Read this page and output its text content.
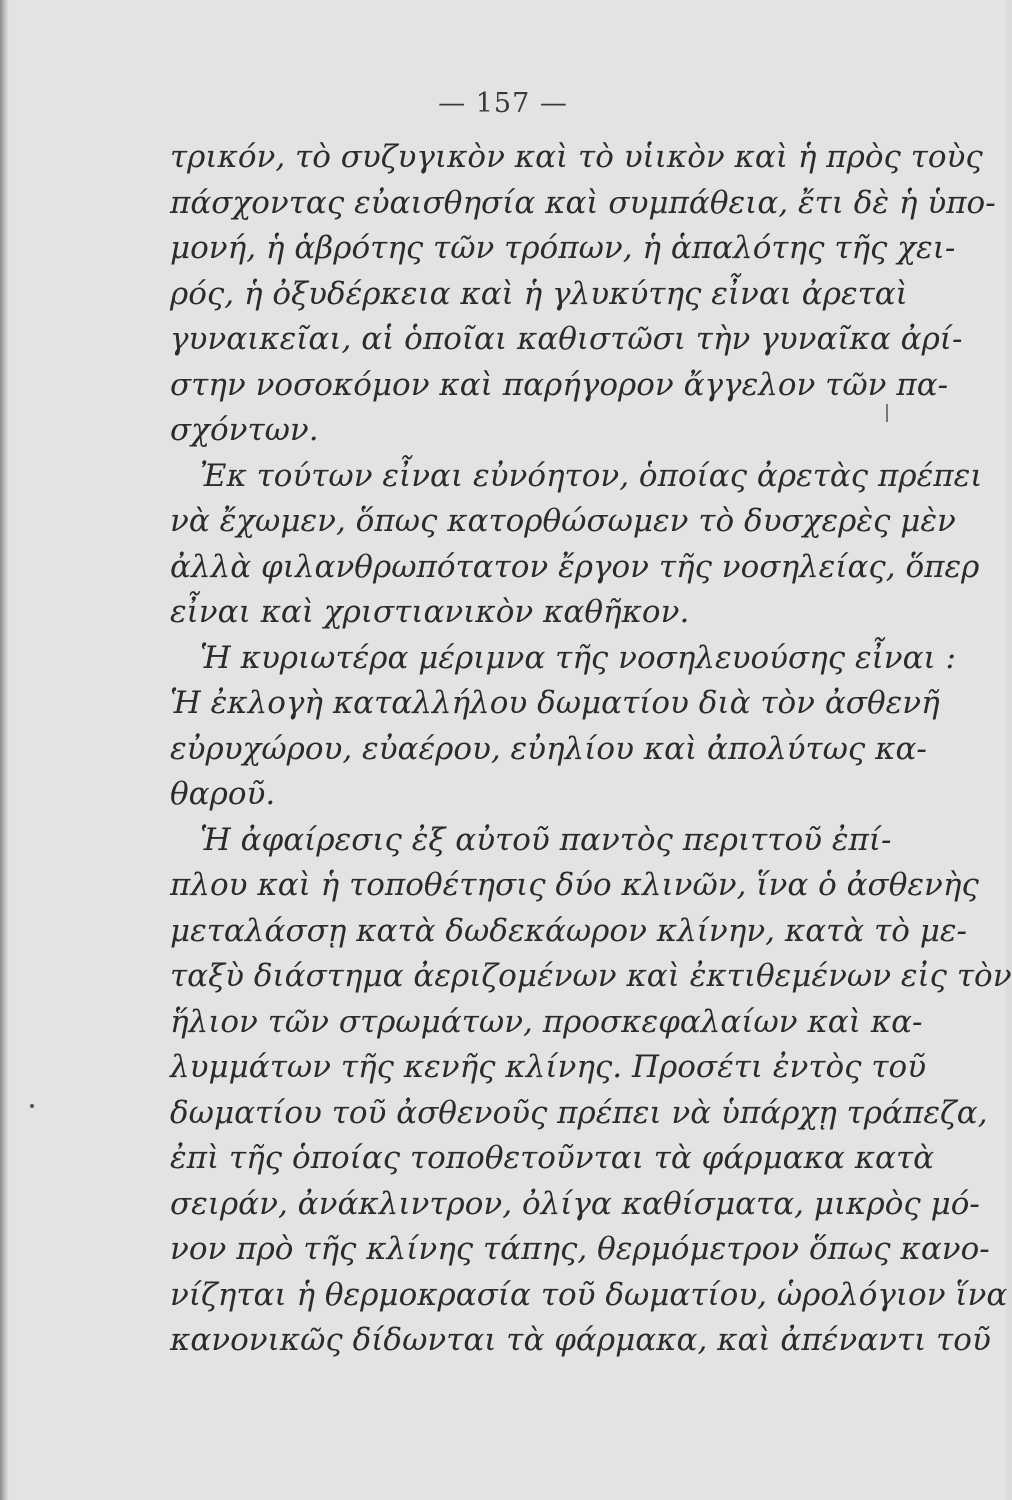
— 157 —
τρικόν, τὸ συζυγικὸν καὶ τὸ υἱικὸν καὶ ἡ πρὸς τοὺς
πάσχοντας εὐαισθησία καὶ συμπάθεια, ἔτι δὲ ἡ ὑπο-
μονή, ἡ ἁβρότης τῶν τρόπων, ἡ ἁπαλότης τῆς χει-
ρός, ἡ ὀξυδέρκεια καὶ ἡ γλυκύτης εἶναι ἀρεταὶ
γυναικεῖαι, αἱ ὁποῖαι καθιστῶσι τὴν γυναῖκα ἀρί-
στην νοσοκόμον καὶ παρήγορον ἄγγελον τῶν πα-
σχόντων.
Ἐκ τούτων εἶναι εὐνόητον, ὁποίας ἀρετὰς πρέπει
νὰ ἔχωμεν, ὅπως κατορθώσωμεν τὸ δυσχερὲς μὲν
ἀλλὰ φιλανθρωπότατον ἔργον τῆς νοσηλείας, ὅπερ
εἶναι καὶ χριστιανικὸν καθῆκον.
Ἡ κυριωτέρα μέριμνα τῆς νοσηλευούσης εἶναι :
Ἡ ἐκλογὴ καταλλήλου δωματίου διὰ τὸν ἀσθενῆ
εὐρυχώρου, εὐαέρου, εὐηλίου καὶ ἀπολύτως κα-
θαροῦ.
Ἡ ἀφαίρεσις ἐξ αὐτοῦ παντὸς περιττοῦ ἐπί-
πλου καὶ ἡ τοποθέτησις δύο κλινῶν, ἵνα ὁ ἀσθενὴς
μεταλάσσῃ κατὰ δωδεκάωρον κλίνην, κατὰ τὸ με-
ταξὺ διάστημα ἀεριζομένων καὶ ἐκτιθεμένων εἰς τὸν
ἥλιον τῶν στρωμάτων, προσκεφαλαίων καὶ κα-
λυμμάτων τῆς κενῆς κλίνης. Προσέτι ἐντὸς τοῦ
δωματίου τοῦ ἀσθενοῦς πρέπει νὰ ὑπάρχῃ τράπεζα,
ἐπὶ τῆς ὁποίας τοποθετοῦνται τὰ φάρμακα κατὰ
σειράν, ἀνάκλιντρον, ὀλίγα καθίσματα, μικρὸς μό-
νον πρὸ τῆς κλίνης τάπης, θερμόμετρον ὅπως κανο-
νίζηται ἡ θερμοκρασία τοῦ δωματίου, ὡρολόγιον ἵνα
κανονικῶς δίδωνται τὰ φάρμακα, καὶ ἀπέναντι τοῦ
